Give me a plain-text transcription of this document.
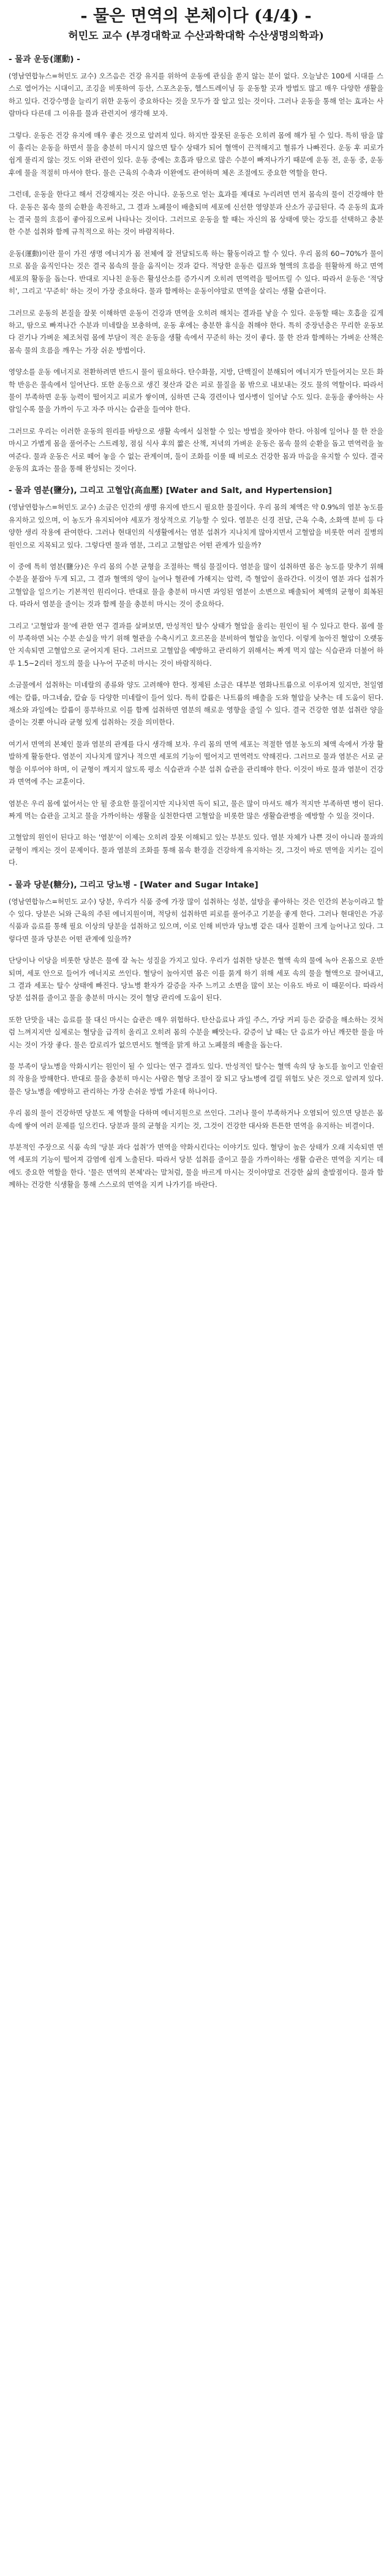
- 물은 면역의 본체이다 (4/4) -
허민도 교수 (부경대학교 수산과학대학 수산생명의학과)
- 물과 운동(運動) -

(영남연합뉴스=허민도 교수) 오즈음은 건강 유지를 위하여 운동에 관심을 쏟지 않는 분이 없다. 오늘날은 100세 시대를 스스로 열어가는 시대이고, 조깅을 비롯하여 등산, 스포츠운동, 헬스트레이닝 등 운동할 곳과 방법도 많고 매우 다양한 생활을 하고 있다. 건강수명을 늘리기 위한 운동이 중요하다는 것을 모두가 잘 알고 있는 것이다. 그러나 운동을 통해 얻는 효과는 사람마다 다른데 그 이유를 물과 관련지어 생각해 보자.

그렇다. 운동은 건강 유지에 매우 좋은 것으로 알려져 있다. 하지만 잘못된 운동은 오히려 몸에 해가 될 수 있다. 특히 땀을 많이 흘리는 운동을 하면서 물을 충분히 마시지 않으면 탈수 상태가 되어 혈액이 끈적해지고 혈류가 나빠진다. 운동 후 피로가 쉽게 풀리지 않는 것도 이와 관련이 있다. 운동 중에는 호흡과 땀으로 많은 수분이 빠져나가기 때문에 운동 전, 운동 중, 운동 후에 물을 적절히 마셔야 한다. 물은 근육의 수축과 이완에도 관여하며 체온 조절에도 중요한 역할을 한다.

그런데, 운동을 한다고 해서 건강해지는 것은 아니다. 운동으로 얻는 효과를 제대로 누리려면 먼저 몸속의 물이 건강해야 한다. 운동은 몸속 물의 순환을 촉진하고, 그 결과 노폐물이 배출되며 세포에 신선한 영양분과 산소가 공급된다. 즉 운동의 효과는 결국 물의 흐름이 좋아짐으로써 나타나는 것이다. 그러므로 운동을 할 때는 자신의 몸 상태에 맞는 강도를 선택하고 충분한 수분 섭취와 함께 규칙적으로 하는 것이 바람직하다.

운동(運動)이란 물이 가진 생명 에너지가 몸 전체에 잘 전달되도록 하는 활동이라고 할 수 있다. 우리 몸의 60~70%가 물이므로 몸을 움직인다는 것은 결국 몸속의 물을 움직이는 것과 같다. 적당한 운동은 림프와 혈액의 흐름을 원활하게 하고 면역 세포의 활동을 돕는다. 반대로 지나친 운동은 활성산소를 증가시켜 오히려 면역력을 떨어뜨릴 수 있다. 따라서 운동은 '적당히', 그리고 '꾸준히' 하는 것이 가장 중요하다. 물과 함께하는 운동이야말로 면역을 살리는 생활 습관이다.

그러므로 운동의 본질을 잘못 이해하면 운동이 건강과 면역을 오히려 해치는 결과를 낳을 수 있다. 운동할 때는 호흡을 깊게 하고, 땀으로 빠져나간 수분과 미네랄을 보충하며, 운동 후에는 충분한 휴식을 취해야 한다. 특히 중장년층은 무리한 운동보다 걷기나 가벼운 체조처럼 몸에 부담이 적은 운동을 생활 속에서 꾸준히 하는 것이 좋다. 물 한 잔과 함께하는 가벼운 산책은 몸속 물의 흐름을 깨우는 가장 쉬운 방법이다.

영양소를 운동 에너지로 전환하려면 반드시 물이 필요하다. 탄수화물, 지방, 단백질이 분해되어 에너지가 만들어지는 모든 화학 반응은 물속에서 일어난다. 또한 운동으로 생긴 젖산과 같은 피로 물질을 몸 밖으로 내보내는 것도 물의 역할이다. 따라서 물이 부족하면 운동 능력이 떨어지고 피로가 쌓이며, 심하면 근육 경련이나 열사병이 일어날 수도 있다. 운동을 좋아하는 사람일수록 물을 가까이 두고 자주 마시는 습관을 들여야 한다.

그러므로 우리는 이러한 운동의 원리를 바탕으로 생활 속에서 실천할 수 있는 방법을 찾아야 한다. 아침에 일어나 물 한 잔을 마시고 가볍게 몸을 풀어주는 스트레칭, 점심 식사 후의 짧은 산책, 저녁의 가벼운 운동은 몸속 물의 순환을 돕고 면역력을 높여준다. 물과 운동은 서로 떼어 놓을 수 없는 관계이며, 둘이 조화를 이룰 때 비로소 건강한 몸과 마음을 유지할 수 있다. 결국 운동의 효과는 물을 통해 완성되는 것이다.

- 물과 염분(鹽分), 그리고 고혈압(高血壓) [Water and Salt, and Hypertension]

(영남연합뉴스=허민도 교수) 소금은 인간의 생명 유지에 반드시 필요한 물질이다. 우리 몸의 체액은 약 0.9%의 염분 농도를 유지하고 있으며, 이 농도가 유지되어야 세포가 정상적으로 기능할 수 있다. 염분은 신경 전달, 근육 수축, 소화액 분비 등 다양한 생리 작용에 관여한다. 그러나 현대인의 식생활에서는 염분 섭취가 지나치게 많아지면서 고혈압을 비롯한 여러 질병의 원인으로 지목되고 있다. 그렇다면 물과 염분, 그리고 고혈압은 어떤 관계가 있을까?

이 중에 특히 염분(鹽分)은 우리 몸의 수분 균형을 조절하는 핵심 물질이다. 염분을 많이 섭취하면 몸은 농도를 맞추기 위해 수분을 붙잡아 두게 되고, 그 결과 혈액의 양이 늘어나 혈관에 가해지는 압력, 즉 혈압이 올라간다. 이것이 염분 과다 섭취가 고혈압을 일으키는 기본적인 원리이다. 반대로 물을 충분히 마시면 과잉된 염분이 소변으로 배출되어 체액의 균형이 회복된다. 따라서 염분을 줄이는 것과 함께 물을 충분히 마시는 것이 중요하다.

그리고 '고혈압과 물'에 관한 연구 결과를 살펴보면, 만성적인 탈수 상태가 혈압을 올리는 원인이 될 수 있다고 한다. 몸에 물이 부족하면 뇌는 수분 손실을 막기 위해 혈관을 수축시키고 호르몬을 분비하여 혈압을 높인다. 이렇게 높아진 혈압이 오랫동안 지속되면 고혈압으로 굳어지게 된다. 그러므로 고혈압을 예방하고 관리하기 위해서는 짜게 먹지 않는 식습관과 더불어 하루 1.5~2리터 정도의 물을 나누어 꾸준히 마시는 것이 바람직하다.

소금물에서 섭취하는 미네랄의 종류와 양도 고려해야 한다. 정제된 소금은 대부분 염화나트륨으로 이루어져 있지만, 천일염에는 칼륨, 마그네슘, 칼슘 등 다양한 미네랄이 들어 있다. 특히 칼륨은 나트륨의 배출을 도와 혈압을 낮추는 데 도움이 된다. 채소와 과일에는 칼륨이 풍부하므로 이를 함께 섭취하면 염분의 해로운 영향을 줄일 수 있다. 결국 건강한 염분 섭취란 양을 줄이는 것뿐 아니라 균형 있게 섭취하는 것을 의미한다.

여기서 면역의 본체인 물과 염분의 관계를 다시 생각해 보자. 우리 몸의 면역 세포는 적절한 염분 농도의 체액 속에서 가장 활발하게 활동한다. 염분이 지나치게 많거나 적으면 세포의 기능이 떨어지고 면역력도 약해진다. 그러므로 물과 염분은 서로 균형을 이루어야 하며, 이 균형이 깨지지 않도록 평소 식습관과 수분 섭취 습관을 관리해야 한다. 이것이 바로 물과 염분이 건강과 면역에 주는 교훈이다.

염분은 우리 몸에 없어서는 안 될 중요한 물질이지만 지나치면 독이 되고, 물은 많이 마셔도 해가 적지만 부족하면 병이 된다. 짜게 먹는 습관을 고치고 물을 가까이하는 생활을 실천한다면 고혈압을 비롯한 많은 생활습관병을 예방할 수 있을 것이다.

고혈압의 원인이 된다고 하는 '염분'이 이제는 오히려 잘못 이해되고 있는 부분도 있다. 염분 자체가 나쁜 것이 아니라 물과의 균형이 깨지는 것이 문제이다. 물과 염분의 조화를 통해 몸속 환경을 건강하게 유지하는 것, 그것이 바로 면역을 지키는 길이다.

- 물과 당분(糖分), 그리고 당뇨병 - [Water and Sugar Intake]

(영남연합뉴스=허민도 교수) 당분, 우리가 식품 중에 가장 많이 섭취하는 성분, 설탕을 좋아하는 것은 인간의 본능이라고 할 수 있다. 당분은 뇌와 근육의 주된 에너지원이며, 적당히 섭취하면 피로를 풀어주고 기분을 좋게 한다. 그러나 현대인은 가공식품과 음료를 통해 필요 이상의 당분을 섭취하고 있으며, 이로 인해 비만과 당뇨병 같은 대사 질환이 크게 늘어나고 있다. 그렇다면 물과 당분은 어떤 관계에 있을까?

단당이나 이당을 비롯한 당분은 물에 잘 녹는 성질을 가지고 있다. 우리가 섭취한 당분은 혈액 속의 물에 녹아 온몸으로 운반되며, 세포 안으로 들어가 에너지로 쓰인다. 혈당이 높아지면 몸은 이를 묽게 하기 위해 세포 속의 물을 혈액으로 끌어내고, 그 결과 세포는 탈수 상태에 빠진다. 당뇨병 환자가 갈증을 자주 느끼고 소변을 많이 보는 이유도 바로 이 때문이다. 따라서 당분 섭취를 줄이고 물을 충분히 마시는 것이 혈당 관리에 도움이 된다.

또한 단맛을 내는 음료를 물 대신 마시는 습관은 매우 위험하다. 탄산음료나 과일 주스, 가당 커피 등은 갈증을 해소하는 것처럼 느껴지지만 실제로는 혈당을 급격히 올리고 오히려 몸의 수분을 빼앗는다. 갈증이 날 때는 단 음료가 아닌 깨끗한 물을 마시는 것이 가장 좋다. 물은 칼로리가 없으면서도 혈액을 맑게 하고 노폐물의 배출을 돕는다.

물 부족이 당뇨병을 악화시키는 원인이 될 수 있다는 연구 결과도 있다. 만성적인 탈수는 혈액 속의 당 농도를 높이고 인슐린의 작용을 방해한다. 반대로 물을 충분히 마시는 사람은 혈당 조절이 잘 되고 당뇨병에 걸릴 위험도 낮은 것으로 알려져 있다. 물은 당뇨병을 예방하고 관리하는 가장 손쉬운 방법 가운데 하나이다.

우리 몸의 물이 건강하면 당분도 제 역할을 다하며 에너지원으로 쓰인다. 그러나 물이 부족하거나 오염되어 있으면 당분은 몸속에 쌓여 여러 문제를 일으킨다. 당분과 물의 균형을 지키는 것, 그것이 건강한 대사와 튼튼한 면역을 유지하는 비결이다.

부분적인 주장으로 식품 속의 '당분 과다 섭취'가 면역을 약화시킨다는 이야기도 있다. 혈당이 높은 상태가 오래 지속되면 면역 세포의 기능이 떨어져 감염에 쉽게 노출된다. 따라서 당분 섭취를 줄이고 물을 가까이하는 생활 습관은 면역을 지키는 데에도 중요한 역할을 한다. '물은 면역의 본체'라는 말처럼, 물을 바르게 마시는 것이야말로 건강한 삶의 출발점이다. 물과 함께하는 건강한 식생활을 통해 스스로의 면역을 지켜 나가기를 바란다.
